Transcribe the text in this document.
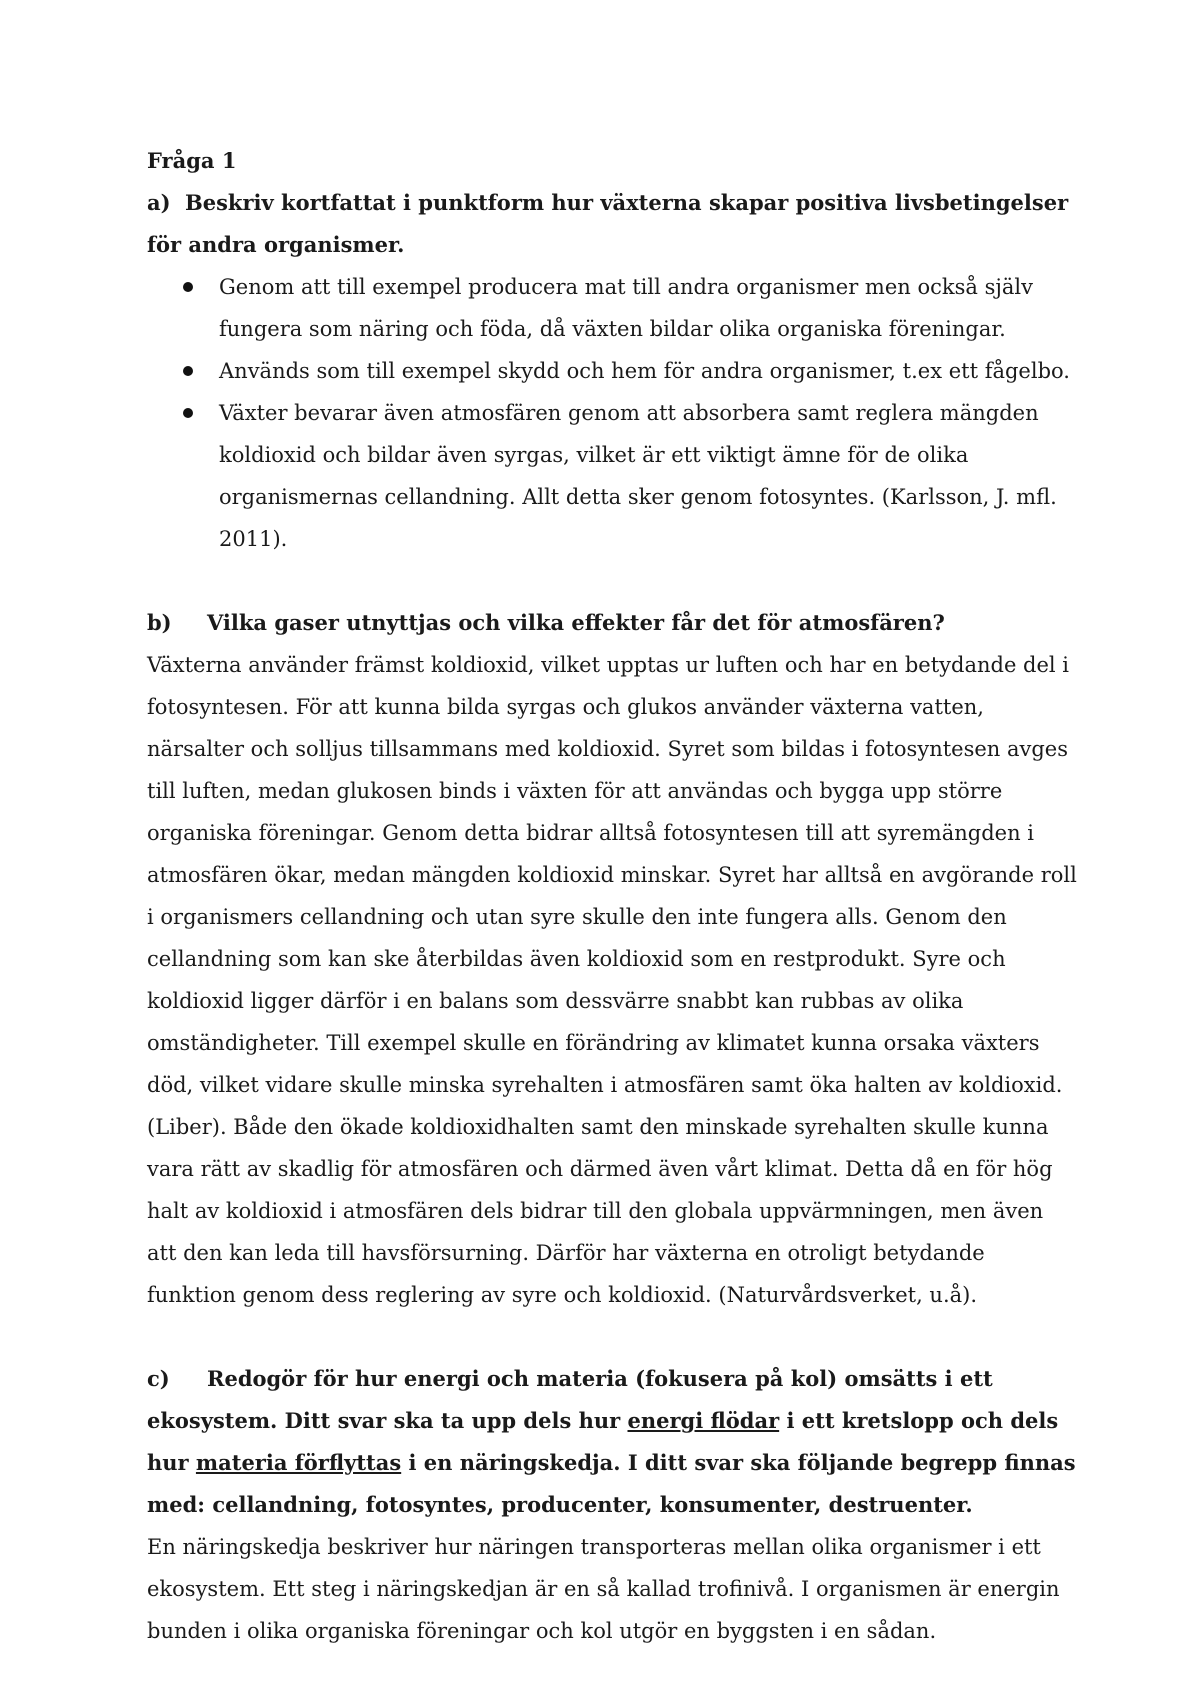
Fråga 1

a) Beskriv kortfattat i punktform hur växterna skapar positiva livsbetingelser för andra organismer.

Genom att till exempel producera mat till andra organismer men också själv fungera som näring och föda, då växten bildar olika organiska föreningar.
Används som till exempel skydd och hem för andra organismer, t.ex ett fågelbo.
Växter bevarar även atmosfären genom att absorbera samt reglera mängden koldioxid och bildar även syrgas, vilket är ett viktigt ämne för de olika organismernas cellandning. Allt detta sker genom fotosyntes. (Karlsson, J. mfl. 2011).

b) Vilka gaser utnyttjas och vilka effekter får det för atmosfären?

Växterna använder främst koldioxid, vilket upptas ur luften och har en betydande del i fotosyntesen. För att kunna bilda syrgas och glukos använder växterna vatten, närsalter och solljus tillsammans med koldioxid. Syret som bildas i fotosyntesen avges till luften, medan glukosen binds i växten för att användas och bygga upp större organiska föreningar. Genom detta bidrar alltså fotosyntesen till att syremängden i atmosfären ökar, medan mängden koldioxid minskar. Syret har alltså en avgörande roll i organismers cellandning och utan syre skulle den inte fungera alls. Genom den cellandning som kan ske återbildas även koldioxid som en restprodukt. Syre och koldioxid ligger därför i en balans som dessvärre snabbt kan rubbas av olika omständigheter. Till exempel skulle en förändring av klimatet kunna orsaka växters död, vilket vidare skulle minska syrehalten i atmosfären samt öka halten av koldioxid. (Liber). Både den ökade koldioxidhalten samt den minskade syrehalten skulle kunna vara rätt av skadlig för atmosfären och därmed även vårt klimat. Detta då en för hög halt av koldioxid i atmosfären dels bidrar till den globala uppvärmningen, men även att den kan leda till havsförsurning. Därför har växterna en otroligt betydande funktion genom dess reglering av syre och koldioxid. (Naturvårdsverket, u.å).

c) Redogör för hur energi och materia (fokusera på kol) omsätts i ett ekosystem. Ditt svar ska ta upp dels hur energi flödar i ett kretslopp och dels hur materia förflyttas i en näringskedja. I ditt svar ska följande begrepp finnas med: cellandning, fotosyntes, producenter, konsumenter, destruenter.

En näringskedja beskriver hur näringen transporteras mellan olika organismer i ett ekosystem. Ett steg i näringskedjan är en så kallad trofinivå. I organismen är energin bunden i olika organiska föreningar och kol utgör en byggsten i en sådan.
